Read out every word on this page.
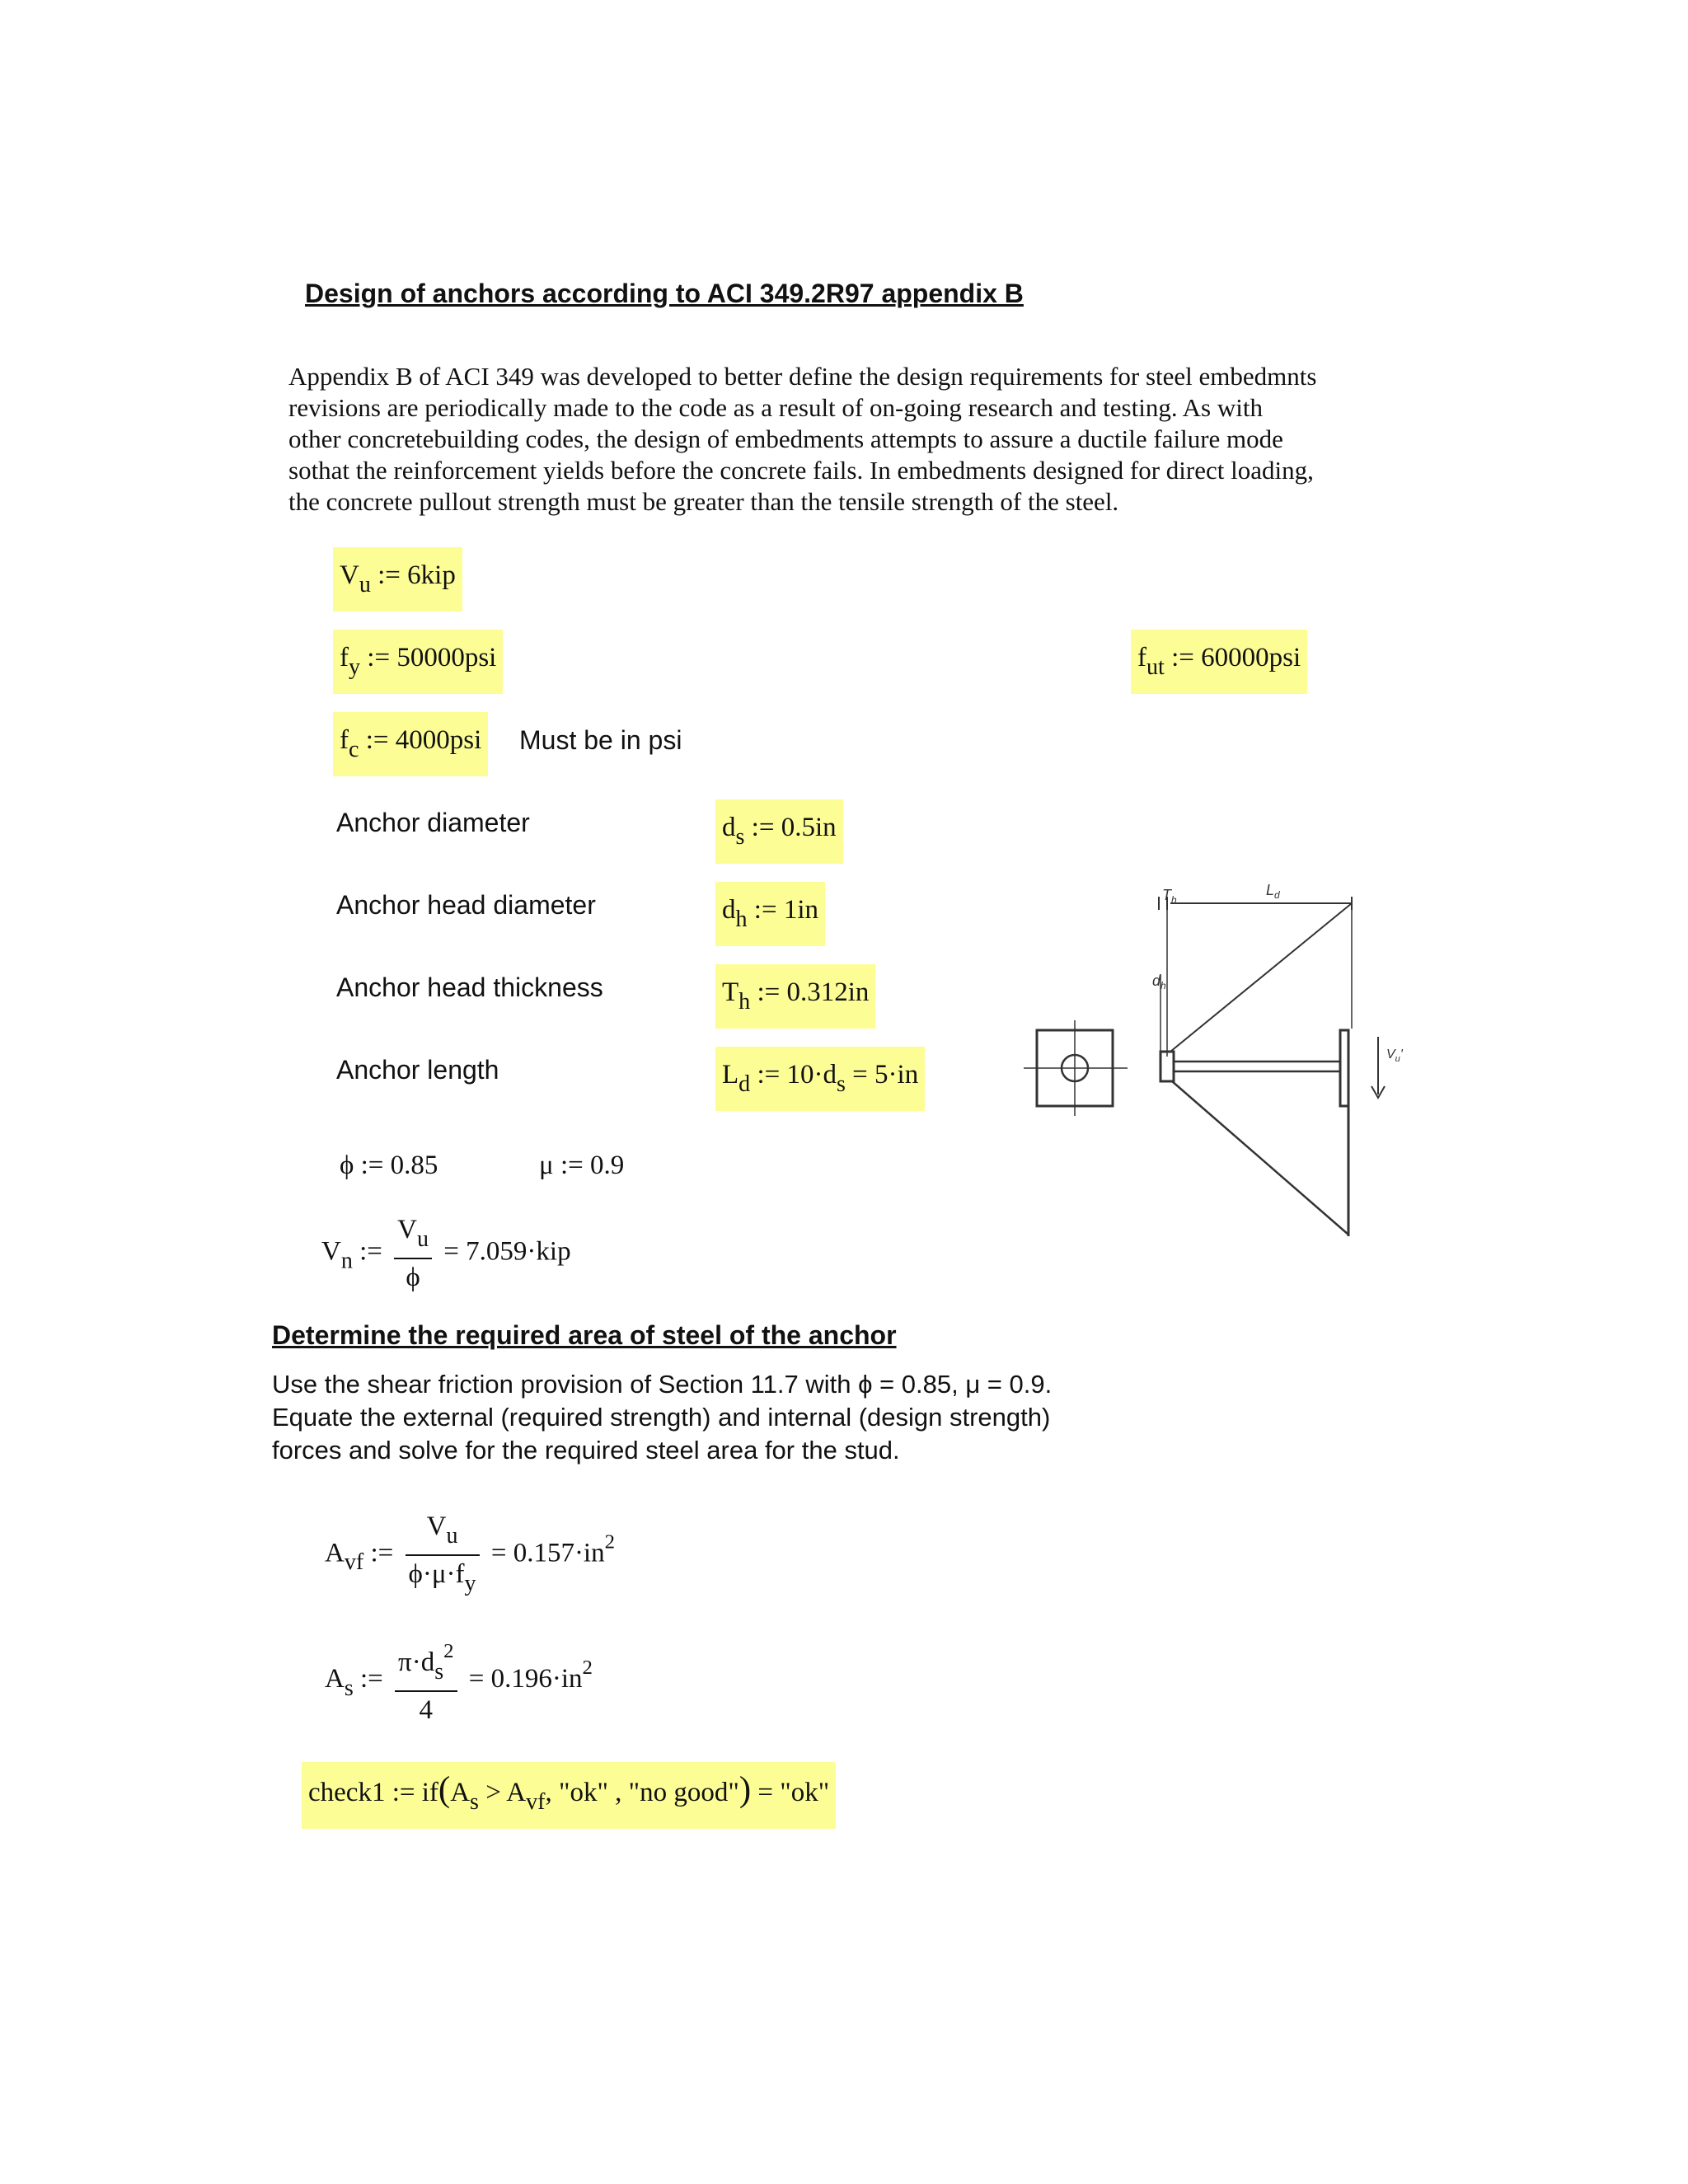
Design of anchors according to ACI 349.2R97 appendix B
Appendix B of ACI 349 was developed to better define the design requirements for steel embedmnts
revisions are periodically made to the code as a result of on-going research and testing. As with
other concretebuilding codes, the design of embedments attempts to assure a ductile failure mode
sothat the reinforcement yields before the concrete fails. In embedments designed for direct loading,
the concrete pullout strength must be greater than the tensile strength of the steel.
$V_u$ := 6kip
$f_y$ := 50000psi	$f_{ut}$ := 60000psi
$f_c$ := 4000psi Must be in psi
Anchor diameter
Anchor head diameter
Anchor head thickness
Anchor length
$d_s$ := 0.5in
$d_h$ := 1in
$T_h$ := 0.312in
$L_d$ := $10\cdot d_s = 5\cdot in$
ϕ := 0.85	μ := 0.9
$V_n$ := $\frac{V_u}{\phi} = 7.059\cdot kip$
Determine the required area of steel of the anchor
Use the shear friction provision of Section 11.7 with ϕ = 0.85, μ = 0.9.
Equate the external (required strength) and internal (design strength)
forces and solve for the required steel area for the stud.
$A_{vf}$ := $\frac{V_u}{\phi\cdot\mu\cdot f_y} = 0.157\cdot in^2$
$A_s$ := $\frac{\pi\cdot d_s^2}{4} = 0.196\cdot in^2$
check1 := $if(A_s > A_{vf}$, "ok" , "no good") = "ok"
$T_h$
$L_d$
$d_h$
$V_u'$
